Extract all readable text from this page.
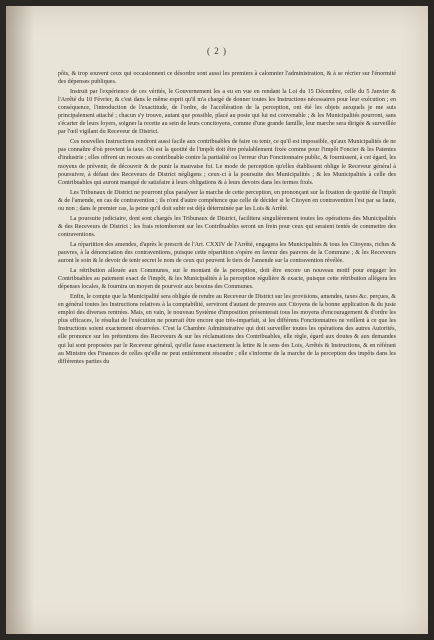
( 2 )

pôts, & trop souvent ceux qui occasionnent ce désordre sont aussi les premiers à calomnier l'administration, & à se récrier sur l'énormité des dépenses publiques.

Instruit par l'expérience de ces vérités, le Gouvernement les a eu en vue en rendant la Loi du 15 Décembre, celle du 5 Janvier & l'Arrêté du 10 Février, & c'est dans le même esprit qu'il m'a chargé de donner toutes les Instructions nécessaires pour leur exécution ; en conséquence, l'introduction de l'exactitude, de l'ordre, de l'accélération de la perception, ont été les objets auxquels je me suis principalement attaché ; chacun s'y trouve, autant que possible, placé au poste qui lui est convenable ; & les Municipalités pourront, sans s'écarter de leurs foyers, soigner la recette au sein de leurs concitoyens, comme d'une grande famille, leur marche sera dirigée & surveillée par l'œil vigilant du Receveur de District.

Ces nouvelles Instructions rendront aussi facile aux contribuables de faire ou tenir, ce qu'il est impossible, qu'aux Municipalités de ne pas connaître d'où provient la taxe. Où est la quotité de l'impôt doit être préalablement fixée comme pour l'impôt Foncier & les Patentes d'industrie ; elles offrent un recours au contribuable contre la partialité ou l'erreur d'un Fonctionnaire public, & fournissent, à cet égard, les moyens de prévenir, de découvrir & de punir la mauvaise foi. Le mode de perception qu'elles établissent oblige le Receveur général à poursuivre, à défaut des Receveurs de District négligens ; ceux-ci à la poursuite des Municipalités ; & les Municipalités à celle des Contribuables qui auront manqué de satisfaire à leurs obligations & à leurs devoirs dans les termes fixés.

Les Tribunaux de District ne pourront plus paralyser la marche de cette perception, en prononçant sur la fixation de quotité de l'impôt & de l'amende, en cas de contravention ; ils n'ont d'autre compétence que celle de décider si le Citoyen en contravention l'est par sa faute, ou non ; dans le premier cas, la peine qu'il doit subir est déjà déterminée par les Lois & Arrêté.

La poursuite judiciaire, dont sont chargés les Tribunaux de District, facilitera singulièrement toutes les opérations des Municipalités & des Receveurs de District ; les frais retomberont sur les Contribuables seront un frein pour ceux qui seraient tentés de commettre des contraventions.

La répartition des amendes, d'après le prescrit de l'Art. CXXIV de l'Arrêté, engagera les Municipalités & tous les Citoyens, riches & pauvres, à la dénonciation des contraventions, puisque cette répartition s'opère en faveur des pauvres de la Commune ; & les Receveurs auront le soin & le devoir de tenir secret le nom de ceux qui peuvent le tiers de l'amende sur la contravention révélée.

La rétribution allouée aux Communes, sur le montant de la perception, doit être encore un nouveau motif pour engager les Contribuables au paiement exact de l'impôt, & les Municipalités à la perception régulière & exacte, puisque cette rétribution allégera les dépenses locales, & fournira un moyen de pourvoir aux besoins des Communes.

Enfin, le compte que la Municipalité sera obligée de rendre au Receveur de District sur les provisions, amendes, taxes &c. perçues, & en général toutes les Instructions relatives à la comptabilité, serviront d'autant de preuves aux Citoyens de la bonne application & du juste emploi des diverses rentrées. Mais, en vain, le nouveau Système d'imposition présenterait tous les moyens d'encouragement & d'ordre les plus efficaces, le résultat de l'exécution ne pourrait être encore que très-imparfait, si les différens Fonctionnaires ne veillent à ce que les Instructions soient exactement observées. C'est la Chambre Administrative qui doit surveiller toutes les opérations des autres Autorités, elle prononce sur les prétentions des Receveurs & sur les réclamations des Contribuables, elle règle, égard aux doutes & aux demandes qui lui sont proposées par le Receveur général, qu'elle fasse exactement la lettre & le sens des Lois, Arrêtés & Instructions, & en référant au Ministre des Finances de celles qu'elle ne peut entièrement résoudre ; elle s'informe de la marche de la perception des impôts dans les différentes parties du
